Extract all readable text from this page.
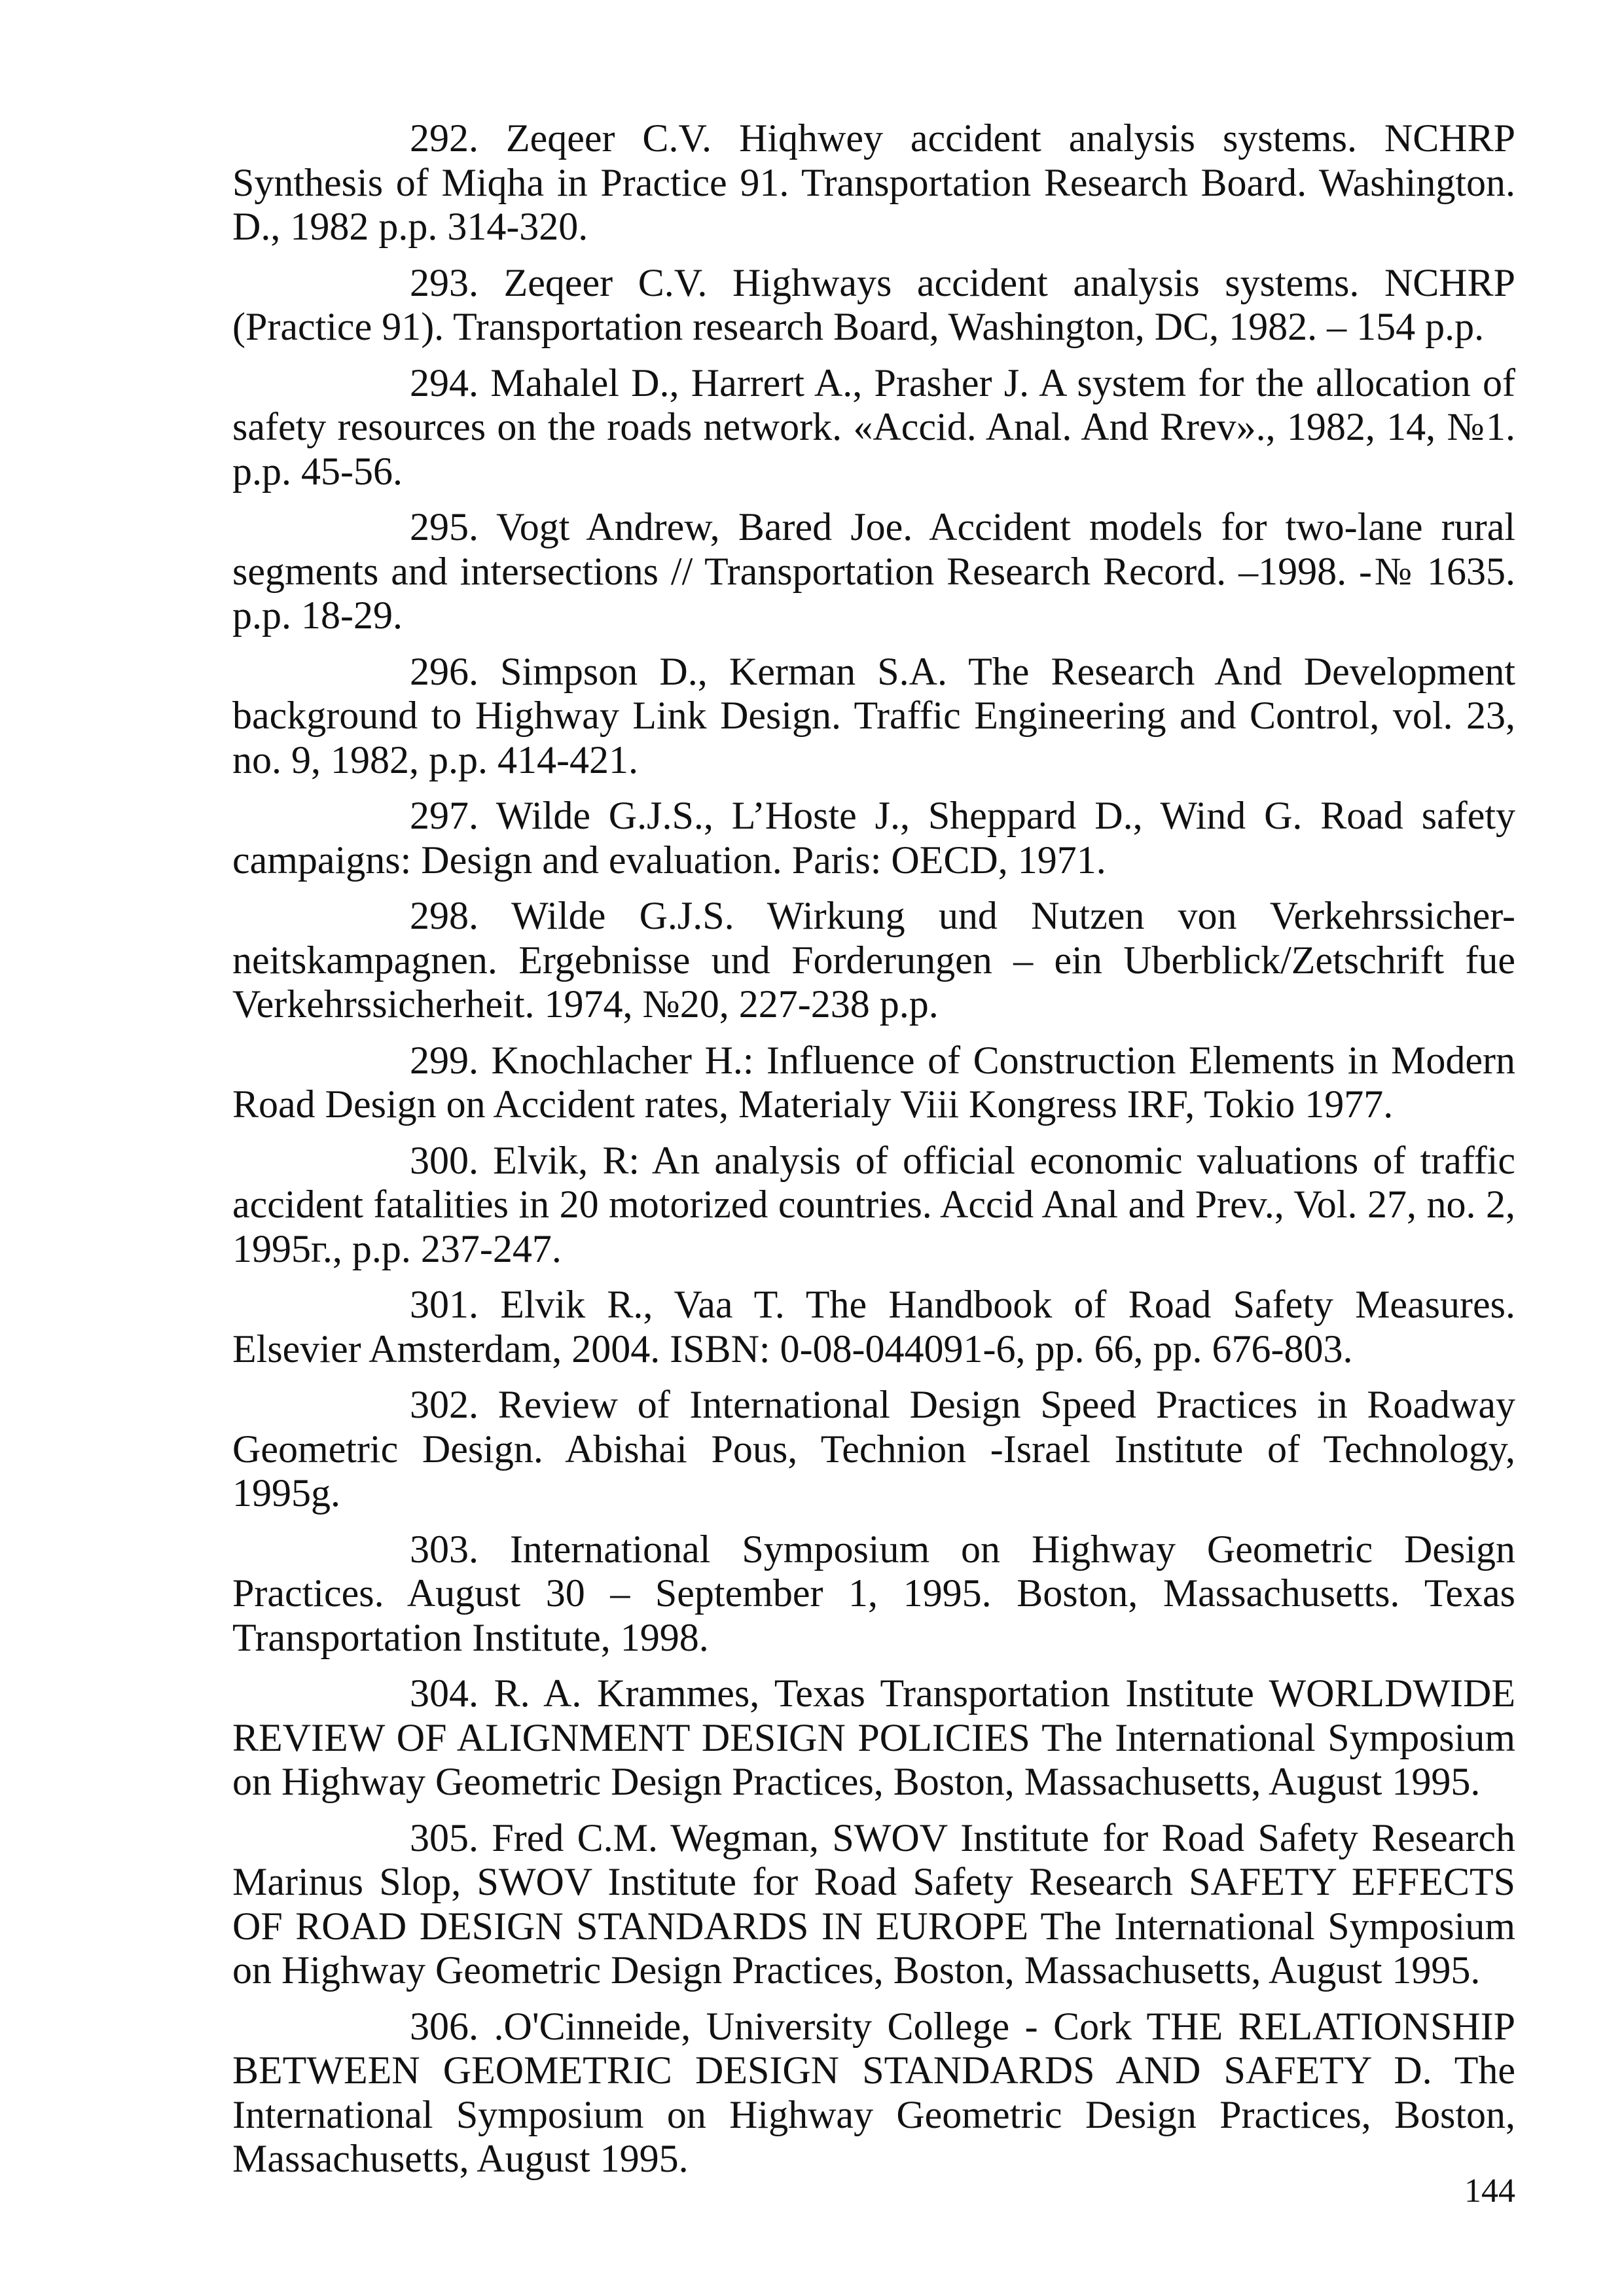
292. Zeqeer C.V. Hiqhwey accident analysis systems. NCHRP Synthesis of Miqha in Practice 91. Transportation Research Board. Washington. D., 1982 p.p. 314-320.

293. Zeqeer C.V. Highways accident analysis systems. NCHRP (Practice 91). Transportation research Board, Washington, DC, 1982. – 154 p.p.

294. Mahalel D., Harrert A., Prasher J. A system for the allocation of safety resources on the roads network. «Accid. Anal. And Rrev»., 1982, 14, №1. p.p. 45-56.

295. Vogt Andrew, Bared Joe. Accident models for two-lane rural segments and intersections // Transportation Research Record. –1998. -№ 1635. p.p. 18-29.

296. Simpson D., Kerman S.A. The Research And Development background to Highway Link Design. Traffic Engineering and Control, vol. 23, no. 9, 1982, p.p. 414-421.

297. Wilde G.J.S., L’Hoste J., Sheppard D., Wind G. Road safety campaigns: Design and evaluation. Paris: OECD, 1971.

298. Wilde G.J.S. Wirkung und Nutzen von Verkehrssicher-neitskampagnen. Ergebnisse und Forderungen – ein Uberblick/Zetschrift fue Verkehrssicherheit. 1974, №20, 227-238 p.p.

299. Knochlacher H.: Influence of Construction Elements in Modern Road Design on Accident rates, Materialy Viii Kongress IRF, Tokio 1977.

300. Elvik, R: An analysis of official economic valuations of traffic accident fatalities in 20 motorized countries. Accid Anal and Prev., Vol. 27, no. 2, 1995г., p.p. 237-247.

301. Elvik R., Vaa T. The Handbook of Road Safety Measures. Elsevier Amsterdam, 2004. ISBN: 0-08-044091-6, pp. 66, pp. 676-803.

302. Review of International Design Speed Practices in Roadway Geometric Design. Abishai Pous, Technion -Israel Institute of Technology, 1995g.

303. International Symposium on Highway Geometric Design Practices. August 30 – September 1, 1995. Boston, Massachusetts. Texas Transportation Institute, 1998.

304. R. A. Krammes, Texas Transportation Institute WORLDWIDE REVIEW OF ALIGNMENT DESIGN POLICIES The International Symposium on Highway Geometric Design Practices, Boston, Massachusetts, August 1995.

305. Fred C.M. Wegman, SWOV Institute for Road Safety Research Marinus Slop, SWOV Institute for Road Safety Research SAFETY EFFECTS OF ROAD DESIGN STANDARDS IN EUROPE The International Symposium on Highway Geometric Design Practices, Boston, Massachusetts, August 1995.

306. .O'Cinneide, University College - Cork THE RELATIONSHIP BETWEEN GEOMETRIC DESIGN STANDARDS AND SAFETY D. The International Symposium on Highway Geometric Design Practices, Boston, Massachusetts, August 1995.

144
